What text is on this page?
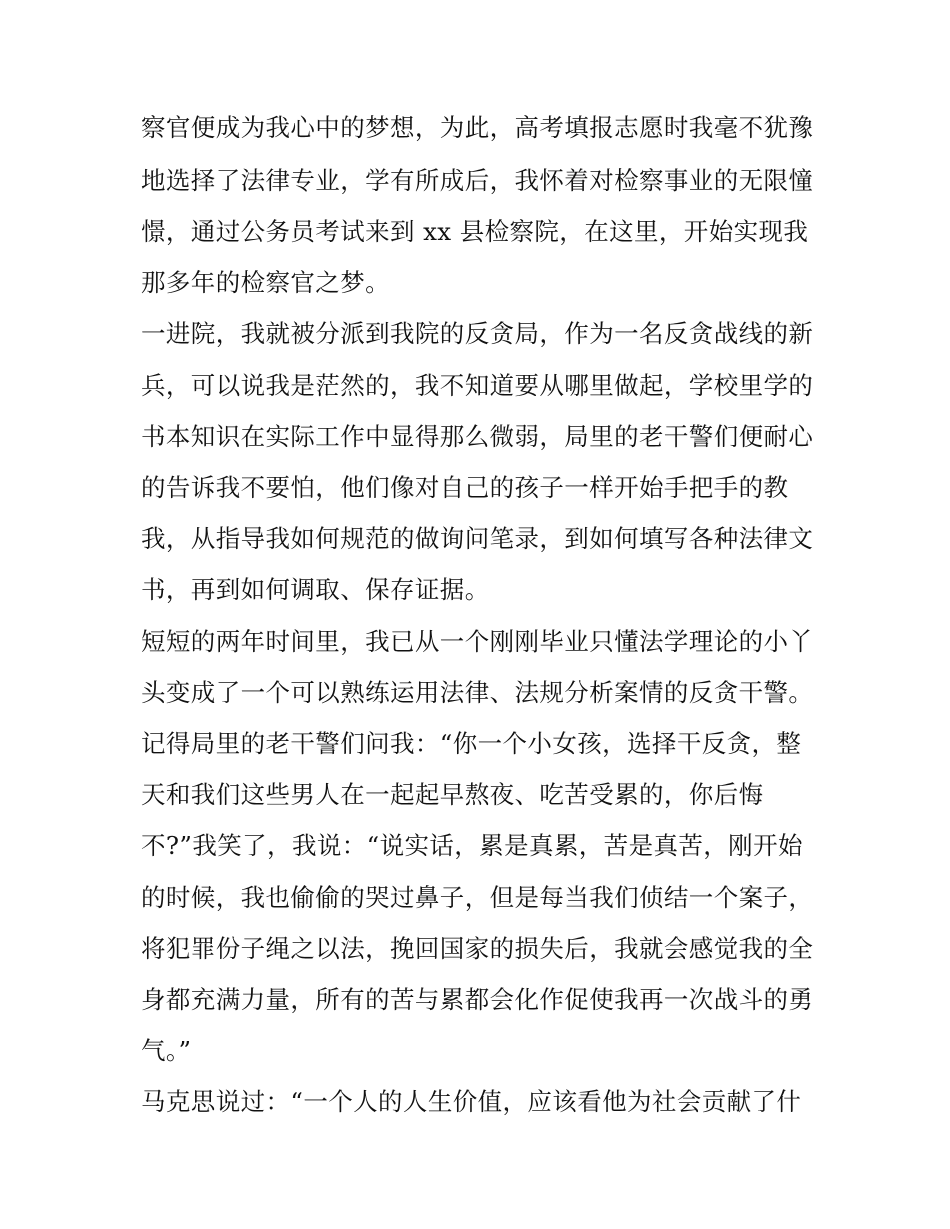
察官便成为我心中的梦想，为此，高考填报志愿时我毫不犹豫
地选择了法律专业，学有所成后，我怀着对检察事业的无限憧
憬，通过公务员考试来到 xx 县检察院，在这里，开始实现我
那多年的检察官之梦。
一进院，我就被分派到我院的反贪局，作为一名反贪战线的新
兵，可以说我是茫然的，我不知道要从哪里做起，学校里学的
书本知识在实际工作中显得那么微弱，局里的老干警们便耐心
的告诉我不要怕，他们像对自己的孩子一样开始手把手的教
我，从指导我如何规范的做询问笔录，到如何填写各种法律文
书，再到如何调取、保存证据。
短短的两年时间里，我已从一个刚刚毕业只懂法学理论的小丫
头变成了一个可以熟练运用法律、法规分析案情的反贪干警。
记得局里的老干警们问我：“你一个小女孩，选择干反贪，整
天和我们这些男人在一起起早熬夜、吃苦受累的，你后悔
不?”我笑了，我说：“说实话，累是真累，苦是真苦，刚开始
的时候，我也偷偷的哭过鼻子，但是每当我们侦结一个案子，
将犯罪份子绳之以法，挽回国家的损失后，我就会感觉我的全
身都充满力量，所有的苦与累都会化作促使我再一次战斗的勇
气。”
马克思说过：“一个人的人生价值，应该看他为社会贡献了什
